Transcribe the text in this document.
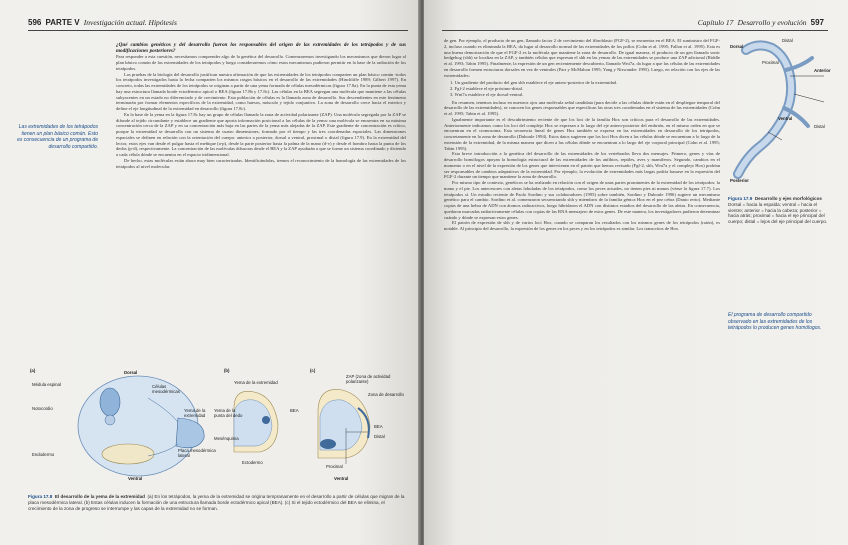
596 PARTE V Investigación actual. Hipótesis
Las extremidades de los tetrápodos tienen un plan básico común. Esto es consecuencia de un programa de desarrollo compartido.

¿Qué cambios genéticos y del desarrollo fueron los responsables del origen de las extremidades de los tetrápodos y de sus modificaciones posteriores?

Para responder a esta cuestión, necesitamos comprender algo de la genética del desarrollo. Comenzaremos investigando los mecanismos que dieron lugar al plan básico común de las extremidades de los tetrápodos y luego consideraremos cómo estos mecanismos pudieron permitir en la base de la radiación de los tetrápodos.

Las pruebas de la biología del desarrollo justifican nuestra afirmación de que las extremidades de los tetrápodos comparten un plan básico común -todos los tetrápodos investigados hasta la fecha comparten los mismos rasgos básicos en el desarrollo de las extremidades (Hinchliffe 1989; Gilbert 1997). En concreto, todas las extremidades de los tetrápodos se originan a partir de una yema formada de células mesodérmicas (figura 17.8a). En la punta de esta yema hay una estructura llamada borde ectodérmico apical o BEA (figura 17.8b y 17.8c). Las células en la BEA segregan una molécula que mantiene a las células subyacentes en un estado no diferenciado y de crecimiento. Esta población de células es la llamada zona de desarrollo. Sus descendientes en este fenómeno terminarán por formar elementos específicos de la extremidad, como huesos, músculo y tejido conjuntivo. La zona de desarrollo crece hacia el exterior y define el eje longitudinal de la extremidad en desarrollo (figura 17.8c).

En la base de la yema en la figura 17.8c hay un grupo de células llamado la zona de actividad polarizante (ZAP). Una molécula segregada por la ZAP se difunde al tejido circundante y establece un gradiente que aporta información posicional a las células de la yema: una molécula se encuentra en su máxima concentración cerca de la ZAP y en su concentración más baja en las partes de la yema más alejadas de la ZAP. Este gradiente de concentración es crítico, porque la extremidad se desarrolla con un sistema de cuatro dimensiones, formado por el tiempo y las tres coordenadas espaciales. Las dimensiones espaciales se definen en relación con la orientación del cuerpo: anterior a posterior, dorsal a ventral, proximal o distal (figura 17.9). En la extremidad del lector, estos ejes van desde el pulgar hasta el meñique (a-p), desde la parte posterior hasta la palma de la mano (d-v) y desde el hombro hasta la punta de los dedos (p-d), respectivamente. La concentración de las moléculas difusoras desde el BEA y la ZAP ayudarán a que se forme un sistema coordinado y diciendo a cada célula dónde se encuentra en el espacio tridimensional.

De hecho, estas moléculas están ahora muy bien caracterizadas. Identificándolas, iremos el reconocimiento de la homología de las extremidades de los tetrápodos al nivel molecular.

(a)	(b)	(c)
Dorsal
Médula espinal
Notocordio
Células mesodérmicas
Endodermo
Yema de la extremidad
Placa mesodérmica lateral
Ventral
Yema de la extremidad
Yema de la punta del dedo
Mesénquima
Ectodermo
ZAP (zona de actividad polarizante)
Zona de desarrollo
BEA
BEA
Distal
Proximal
Ventral
Figura 17.8 El desarrollo de la yema de la extremidad (a) En los tetrápodos, la yema de la extremidad se origina tempranamente en el desarrollo a partir de células que migran de la placa mesodérmica lateral. (b) Estas células inducen la formación de una estructura llamada borde ectodérmico apical (BEA). (c) Si el tejido ectodérmico del BEA se elimina, el crecimiento de la zona de progreso se interrumpe y las capas de la extremidad no se forman.
Capítulo 17 Desarrollo y evolución 597

de gen. Por ejemplo, el producto de un gen, llamado factor 2 de crecimiento del fibroblasto (FGF-2), se encuentra en el BEA. El suministro del FGF-2, incluso cuando es eliminada la BEA, da lugar al desarrollo normal de las extremidades de los pollos (Cohn et al. 1995; Fallon et al. 1995). Esta es una buena demostración de que el FGF-2 es la molécula que mantiene la zona de desarrollo. De igual manera, el producto de un gen llamado sonic hedgehog (shh) se localiza en la ZAP, y también células que expresan el shh en las yemas de las extremidades se produce una ZAP adicional (Riddle et al. 1993; Tabin 1995). Finalmente, la expresión de un gen recientemente descubierto, llamado Wnt7a, da lugar a que las células de las extremidades en desarrollo formen estructuras dorsales en vez de ventrales (Parr y McMahon 1995; Yang y Niswander 1995). Luego, en relación con los ejes de las extremidades:

1. Un gradiente del producto del gen shh establece el eje antero-posterior de la extremidad.
2. Fgf-2 establece el eje próximo-distal.
3. Wnt7a establece el eje dorsal-ventral.

En resumen, tenemos incluso en nuestros ojos una molécula señal candidata (para decirle a las células dónde están en el despliegue temporal del desarrollo de las extremidades), se conocen los genes responsables que especifican las otras tres coordenadas en el sistema de las extremidades (Cohn et al. 1995; Tabin et al. 1995).

Igualmente importante es el descubrimiento reciente de que los loci de la familia Hox son críticos para el desarrollo de las extremidades. Anteriormente indicamos como los loci del complejo Hox se expresan a lo largo del eje antero-posterior del embrión, en el mismo orden en que se encuentran en el cromosoma. Esta secuencia lineal de genes Hox también se expresa en las extremidades en desarrollo de los tetrápodos, concretamente en la zona de desarrollo (Duboule 1994). Estos datos sugieren que los loci Hox dicen a las células dónde se encuentran a lo largo de la extensión de la extremidad, de la misma manera que dicen a las células dónde se encuentran a lo largo del eje corporal principal (Cohn et al. 1995; Tabin 1995).

Esta breve introducción a la genética del desarrollo de las extremidades de los vertebrados lleva dos mensajes. Primero, genes y vías de desarrollo homólogos apoyan la homología estructural de las extremidades de los anfibios, reptiles, aves y mamíferos. Segundo, cambios en el momento o en el nivel de la expresión de los genes que intervienen en el patrón que hemos revisado (Fgf-2, shh, Wnt7a y el complejo Hox) podrían ser responsables de cambios adaptativos de la extremidad. Por ejemplo, la evolución de extremidades más largas podría basarse en la expresión del FGF-2 durante un tiempo que mantiene la zona de desarrollo.

Por mismo tipo de contexto, genéticos se ha realizado en relación con el origen de unas partes prominentes de la extremidad de los tetrápodos: la mano y el pie. Los antecesores con aletas lobuladas de los tetrápodos, como los peces actuales, no tienen pies ni manos (véase la figura 17.7). Los tetrápodos sí. Un estudio reciente de Paolo Sordino y sus colaboradores (1995) sobre también, Sordino y Duboule 1996) sugiere un mecanismo genético para el cambio. Sordino et al. comenzaron secuenciando shh y miembros de la familia génica Hox en el pez cebra (Danio rerio). Mediante copias de una hebra de ADN con átomos radioactivos, luego hibridaron el ADN con distintos estadios del desarrollo de las aletas. En consecuencia, quedaron marcadas radiactivamente células con copias de las RNA mensajero de estos genes. De este manera, los investigadores pudieron determinar cuándo y dónde se expresan estos genes.

El patrón de expresión de shh y de varios loci Hox, cuando se comparan los resultados con los mismos genes de los tetrápodos (ratón), es notable. Al principio del desarrollo, la expresión de los genes en los peces y en los tetrápodos es similar. Los transcritos de Hox.

Dorsal
Distal
Proximal
Anterior
Ventral
Distal
Posterior
Figura 17.9 Desarrollo y ejes morfológicos  Dorsal = hacia la espalda; ventral = hacia el vientre; anterior = hacia la cabeza; posterior = hacia atrás; proximal = hacia el eje principal del cuerpo; distal = lejos del eje principal del cuerpo.
El programa de desarrollo compartido observado en las extremidades de los tetrápodos lo producen genes homólogos.
